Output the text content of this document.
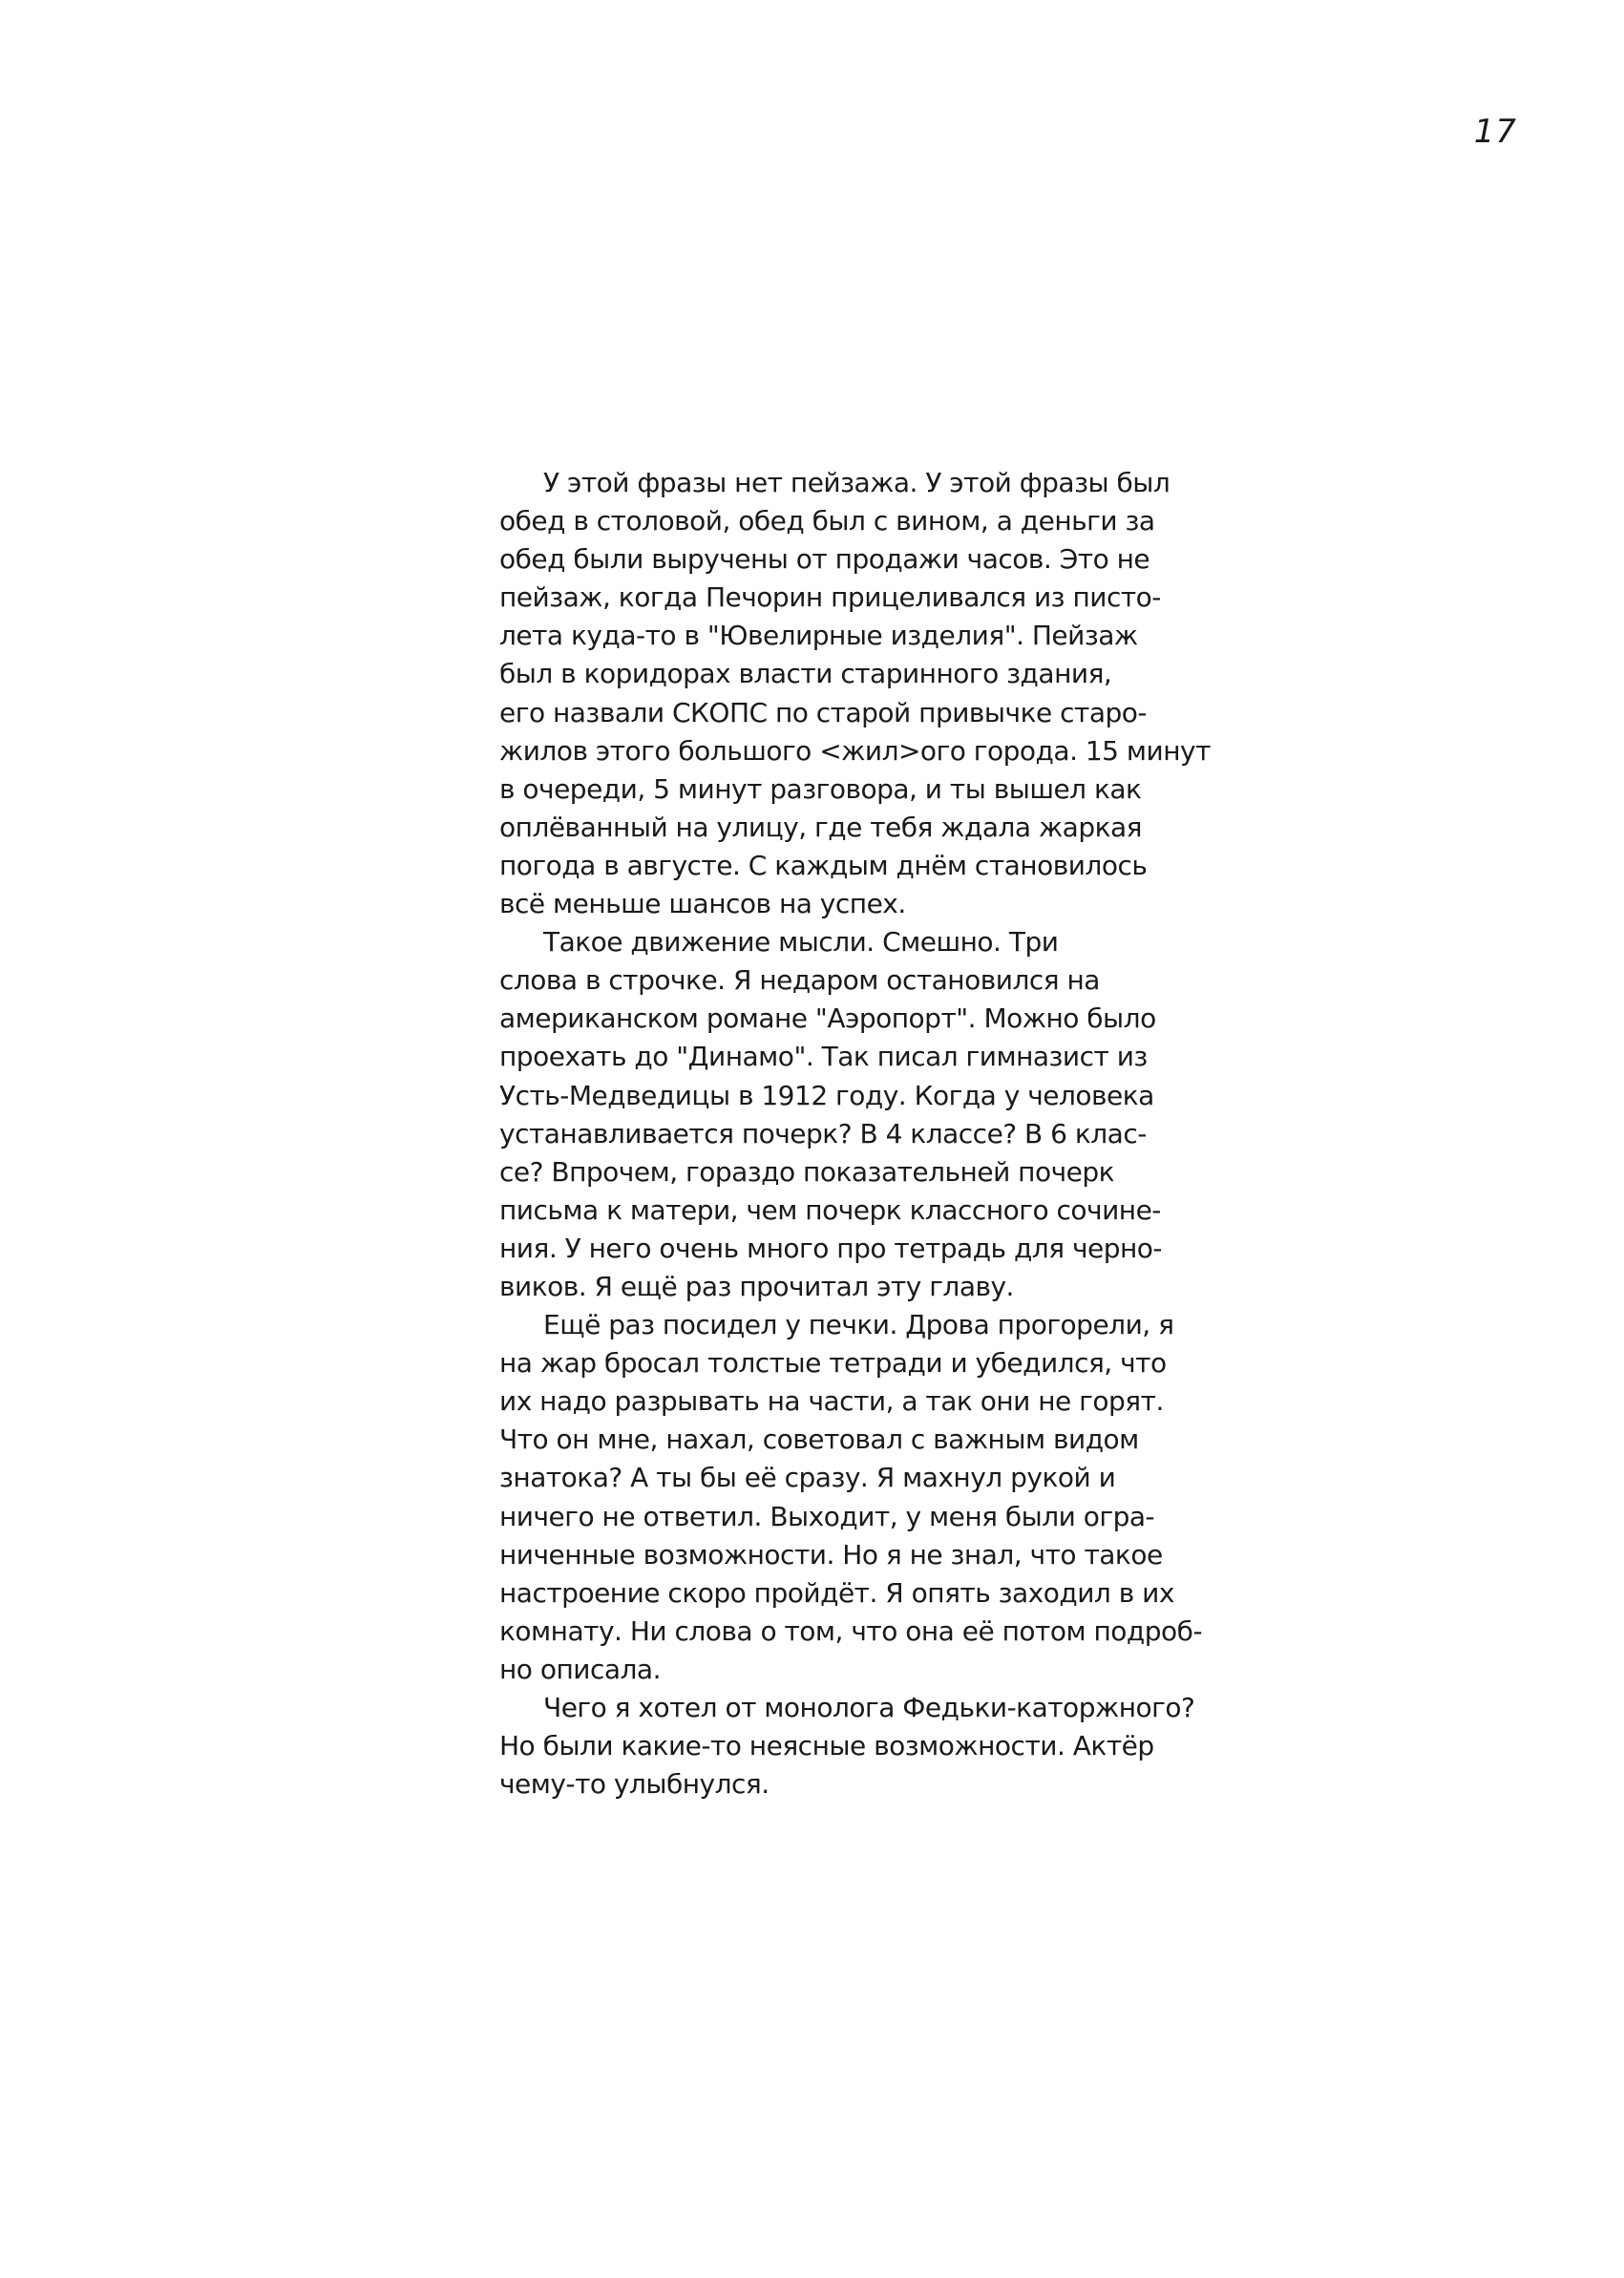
17
У этой фразы нет пейзажа. У этой фразы был
обед в столовой, обед был с вином, а деньги за
обед были выручены от продажи часов. Это не
пейзаж, когда Печорин прицеливался из писто-
лета куда-то в "Ювелирные изделия". Пейзаж
был в коридорах власти старинного здания,
его назвали СКОПС по старой привычке старо-
жилов этого большого <жил>ого города. 15 минут
в очереди, 5 минут разговора, и ты вышел как
оплёванный на улицу, где тебя ждала жаркая
погода в августе. С каждым днём становилось
всё меньше шансов на успех.
Такое движение мысли. Смешно. Три
слова в строчке. Я недаром остановился на
американском романе "Аэропорт". Можно было
проехать до "Динамо". Так писал гимназист из
Усть-Медведицы в 1912 году. Когда у человека
устанавливается почерк? В 4 классе? В 6 клас-
се? Впрочем, гораздо показательней почерк
письма к матери, чем почерк классного сочине-
ния. У него очень много про тетрадь для черно-
виков. Я ещё раз прочитал эту главу.
Ещё раз посидел у печки. Дрова прогорели, я
на жар бросал толстые тетради и убедился, что
их надо разрывать на части, а так они не горят.
Что он мне, нахал, советовал с важным видом
знатока? А ты бы её сразу. Я махнул рукой и
ничего не ответил. Выходит, у меня были огра-
ниченные возможности. Но я не знал, что такое
настроение скоро пройдёт. Я опять заходил в их
комнату. Ни слова о том, что она её потом подроб-
но описала.
Чего я хотел от монолога Федьки-каторжного?
Но были какие-то неясные возможности. Актёр
чему-то улыбнулся.
